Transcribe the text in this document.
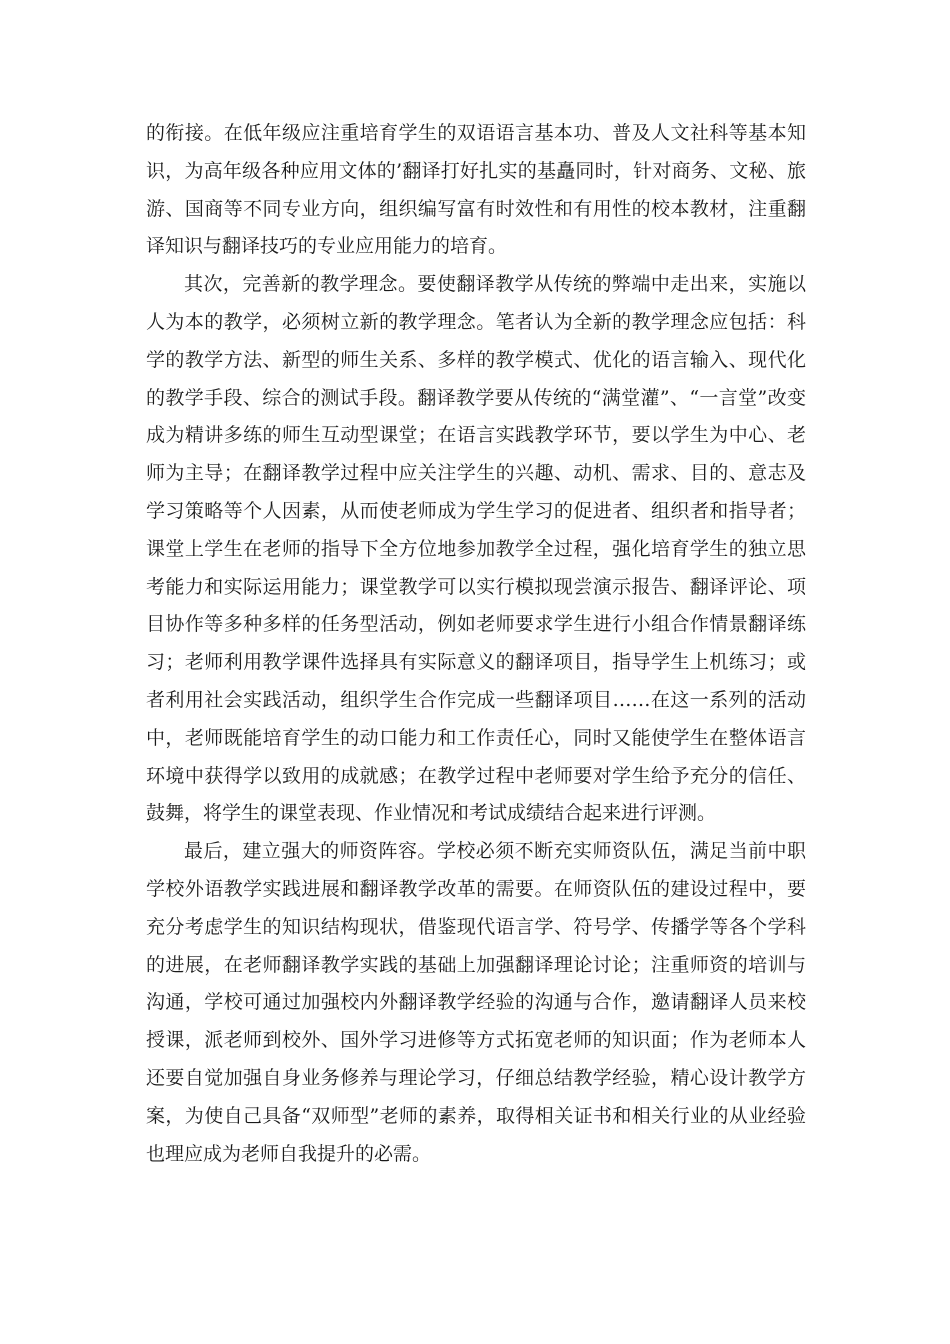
的衔接。在低年级应注重培育学生的双语语言基本功、普及人文社科等基本知识，为高年级各种应用文体的’翻译打好扎实的基矗同时，针对商务、文秘、旅游、国商等不同专业方向，组织编写富有时效性和有用性的校本教材，注重翻译知识与翻译技巧的专业应用能力的培育。

其次，完善新的教学理念。要使翻译教学从传统的弊端中走出来，实施以人为本的教学，必须树立新的教学理念。笔者认为全新的教学理念应包括：科学的教学方法、新型的师生关系、多样的教学模式、优化的语言输入、现代化的教学手段、综合的测试手段。翻译教学要从传统的“满堂灌”、“一言堂”改变成为精讲多练的师生互动型课堂；在语言实践教学环节，要以学生为中心、老师为主导；在翻译教学过程中应关注学生的兴趣、动机、需求、目的、意志及学习策略等个人因素，从而使老师成为学生学习的促进者、组织者和指导者；课堂上学生在老师的指导下全方位地参加教学全过程，强化培育学生的独立思考能力和实际运用能力；课堂教学可以实行模拟现尝演示报告、翻译评论、项目协作等多种多样的任务型活动，例如老师要求学生进行小组合作情景翻译练习；老师利用教学课件选择具有实际意义的翻译项目，指导学生上机练习；或者利用社会实践活动，组织学生合作完成一些翻译项目……在这一系列的活动中，老师既能培育学生的动口能力和工作责任心，同时又能使学生在整体语言环境中获得学以致用的成就感；在教学过程中老师要对学生给予充分的信任、鼓舞，将学生的课堂表现、作业情况和考试成绩结合起来进行评测。

最后，建立强大的师资阵容。学校必须不断充实师资队伍，满足当前中职学校外语教学实践进展和翻译教学改革的需要。在师资队伍的建设过程中，要充分考虑学生的知识结构现状，借鉴现代语言学、符号学、传播学等各个学科的进展，在老师翻译教学实践的基础上加强翻译理论讨论；注重师资的培训与沟通，学校可通过加强校内外翻译教学经验的沟通与合作，邀请翻译人员来校授课，派老师到校外、国外学习进修等方式拓宽老师的知识面；作为老师本人还要自觉加强自身业务修养与理论学习，仔细总结教学经验，精心设计教学方案，为使自己具备“双师型”老师的素养，取得相关证书和相关行业的从业经验也理应成为老师自我提升的必需。
